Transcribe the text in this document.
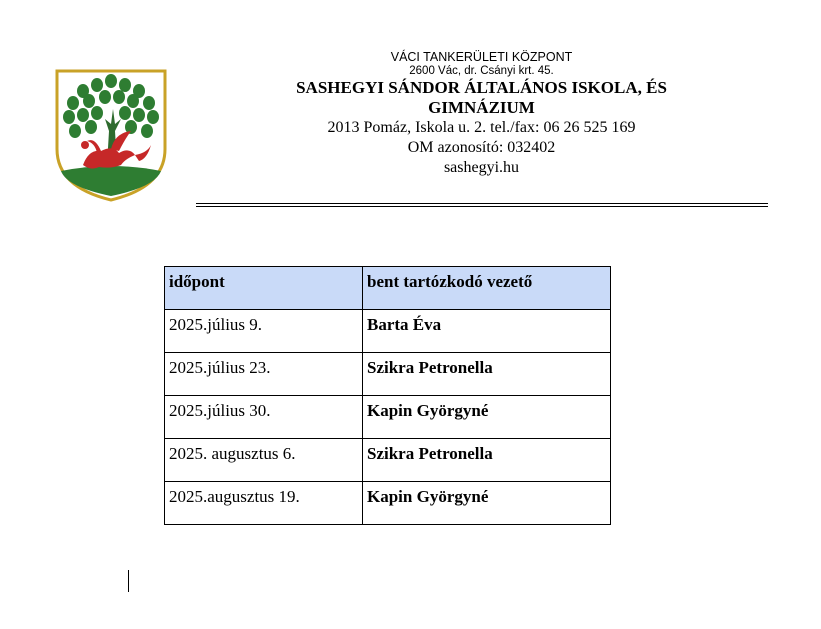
VÁCI TANKERÜLETI KÖZPONT
2600 Vác, dr. Csányi krt. 45.
SASHEGYI SÁNDOR ÁLTALÁNOS ISKOLA, ÉS
GIMNÁZIUM
2013 Pomáz, Iskola u. 2. tel./fax: 06 26 525 169
OM azonosító: 032402
sashegyi.hu
időpont	bent tartózkodó vezető
2025.július 9.	Barta Éva
2025.július 23.	Szikra Petronella
2025.július 30.	Kapin Györgyné
2025. augusztus 6.	Szikra Petronella
2025.augusztus 19.	Kapin Györgyné
